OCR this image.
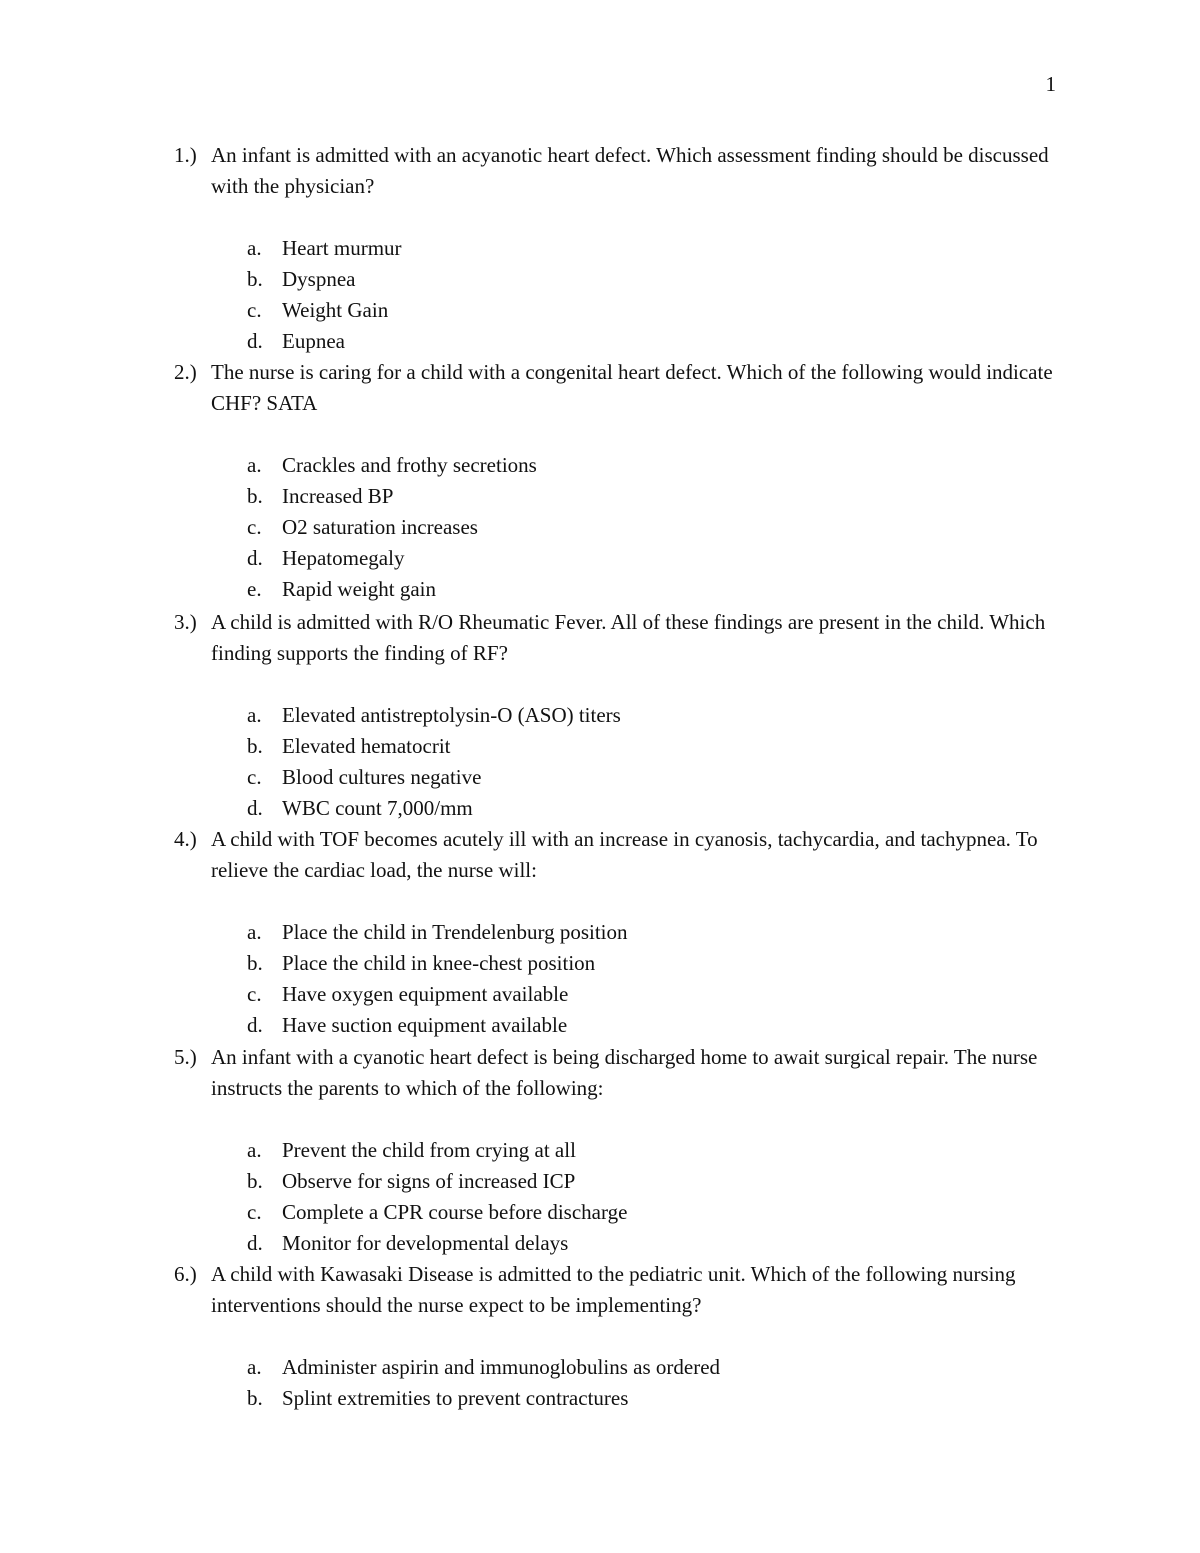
1
1.) An infant is admitted with an acyanotic heart defect. Which assessment finding should be discussed with the physician?
a. Heart murmur
b. Dyspnea
c. Weight Gain
d. Eupnea
2.) The nurse is caring for a child with a congenital heart defect. Which of the following would indicate CHF? SATA
a. Crackles and frothy secretions
b. Increased BP
c. O2 saturation increases
d. Hepatomegaly
e. Rapid weight gain
3.) A child is admitted with R/O Rheumatic Fever. All of these findings are present in the child. Which finding supports the finding of RF?
a. Elevated antistreptolysin-O (ASO) titers
b. Elevated hematocrit
c. Blood cultures negative
d. WBC count 7,000/mm
4.) A child with TOF becomes acutely ill with an increase in cyanosis, tachycardia, and tachypnea. To relieve the cardiac load, the nurse will:
a. Place the child in Trendelenburg position
b. Place the child in knee-chest position
c. Have oxygen equipment available
d. Have suction equipment available
5.) An infant with a cyanotic heart defect is being discharged home to await surgical repair. The nurse instructs the parents to which of the following:
a. Prevent the child from crying at all
b. Observe for signs of increased ICP
c. Complete a CPR course before discharge
d. Monitor for developmental delays
6.) A child with Kawasaki Disease is admitted to the pediatric unit. Which of the following nursing interventions should the nurse expect to be implementing?
a. Administer aspirin and immunoglobulins as ordered
b. Splint extremities to prevent contractures
